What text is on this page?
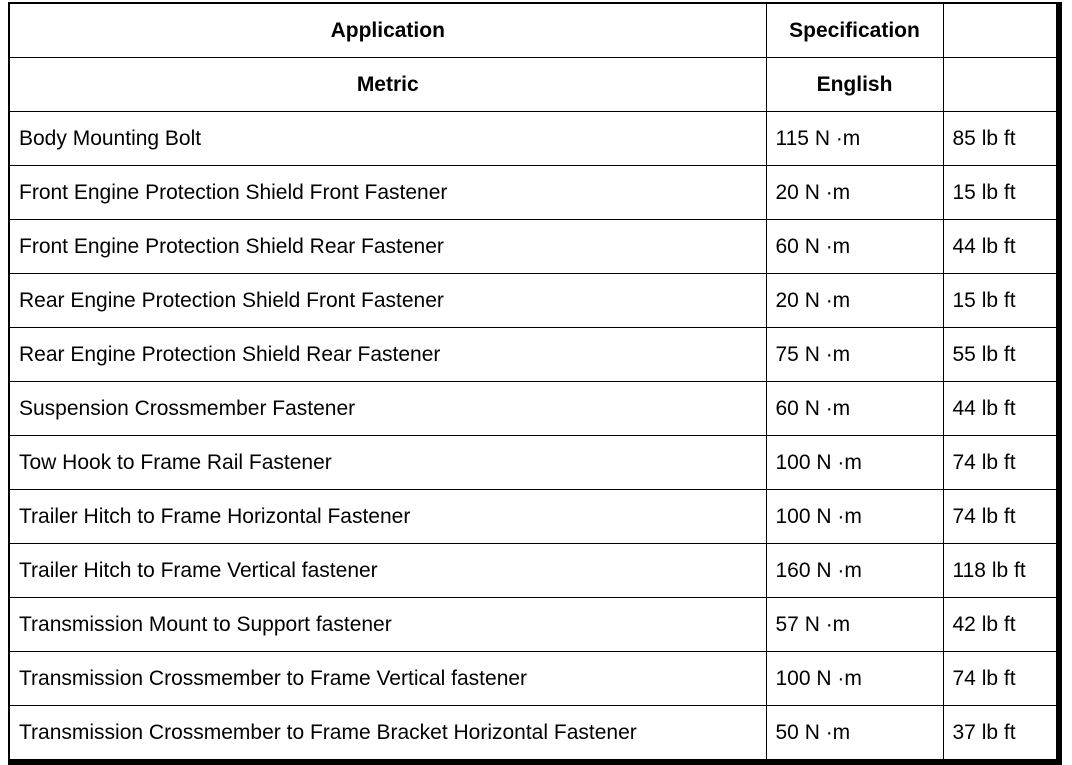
Application	Specification	
Metric	English	
Body Mounting Bolt	115 N ·m	85 lb ft
Front Engine Protection Shield Front Fastener	20 N ·m	15 lb ft
Front Engine Protection Shield Rear Fastener	60 N ·m	44 lb ft
Rear Engine Protection Shield Front Fastener	20 N ·m	15 lb ft
Rear Engine Protection Shield Rear Fastener	75 N ·m	55 lb ft
Suspension Crossmember Fastener	60 N ·m	44 lb ft
Tow Hook to Frame Rail Fastener	100 N ·m	74 lb ft
Trailer Hitch to Frame Horizontal Fastener	100 N ·m	74 lb ft
Trailer Hitch to Frame Vertical fastener	160 N ·m	118 lb ft
Transmission Mount to Support fastener	57 N ·m	42 lb ft
Transmission Crossmember to Frame Vertical fastener	100 N ·m	74 lb ft
Transmission Crossmember to Frame Bracket Horizontal Fastener	50 N ·m	37 lb ft
